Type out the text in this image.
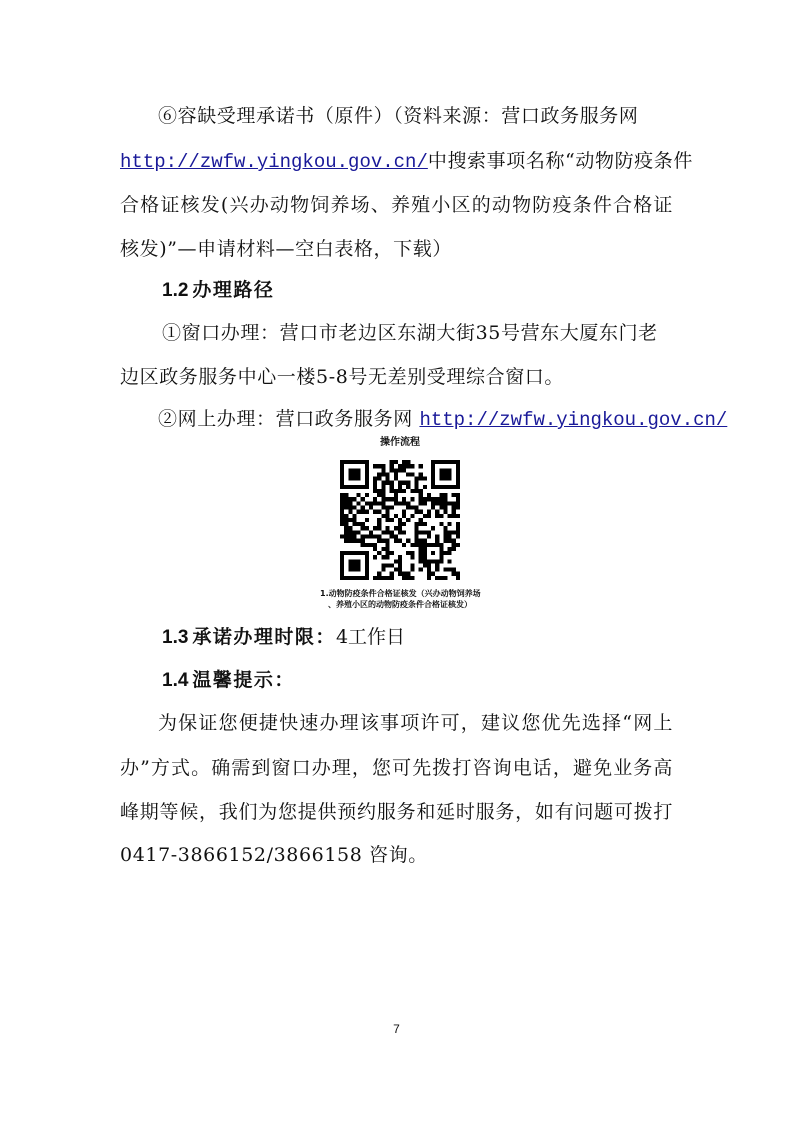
⑥容缺受理承诺书（原件）（资料来源：营口政务服务网
http://zwfw.yingkou.gov.cn/中搜索事项名称“动物防疫条件
合格证核发(兴办动物饲养场、养殖小区的动物防疫条件合格证
核发)”—申请材料—空白表格，下载）
1.2 办理路径
①窗口办理：营口市老边区东湖大街35号营东大厦东门老
边区政务服务中心一楼5-8号无差别受理综合窗口。
②网上办理：营口政务服务网 http://zwfw.yingkou.gov.cn/
操作流程
1.动物防疫条件合格证核发（兴办动物饲养场
、养殖小区的动物防疫条件合格证核发）
1.3 承诺办理时限：4工作日
1.4 温馨提示：
为保证您便捷快速办理该事项许可，建议您优先选择“网上
办”方式。确需到窗口办理，您可先拨打咨询电话，避免业务高
峰期等候，我们为您提供预约服务和延时服务，如有问题可拨打
0417-3866152/3866158 咨询。
7
